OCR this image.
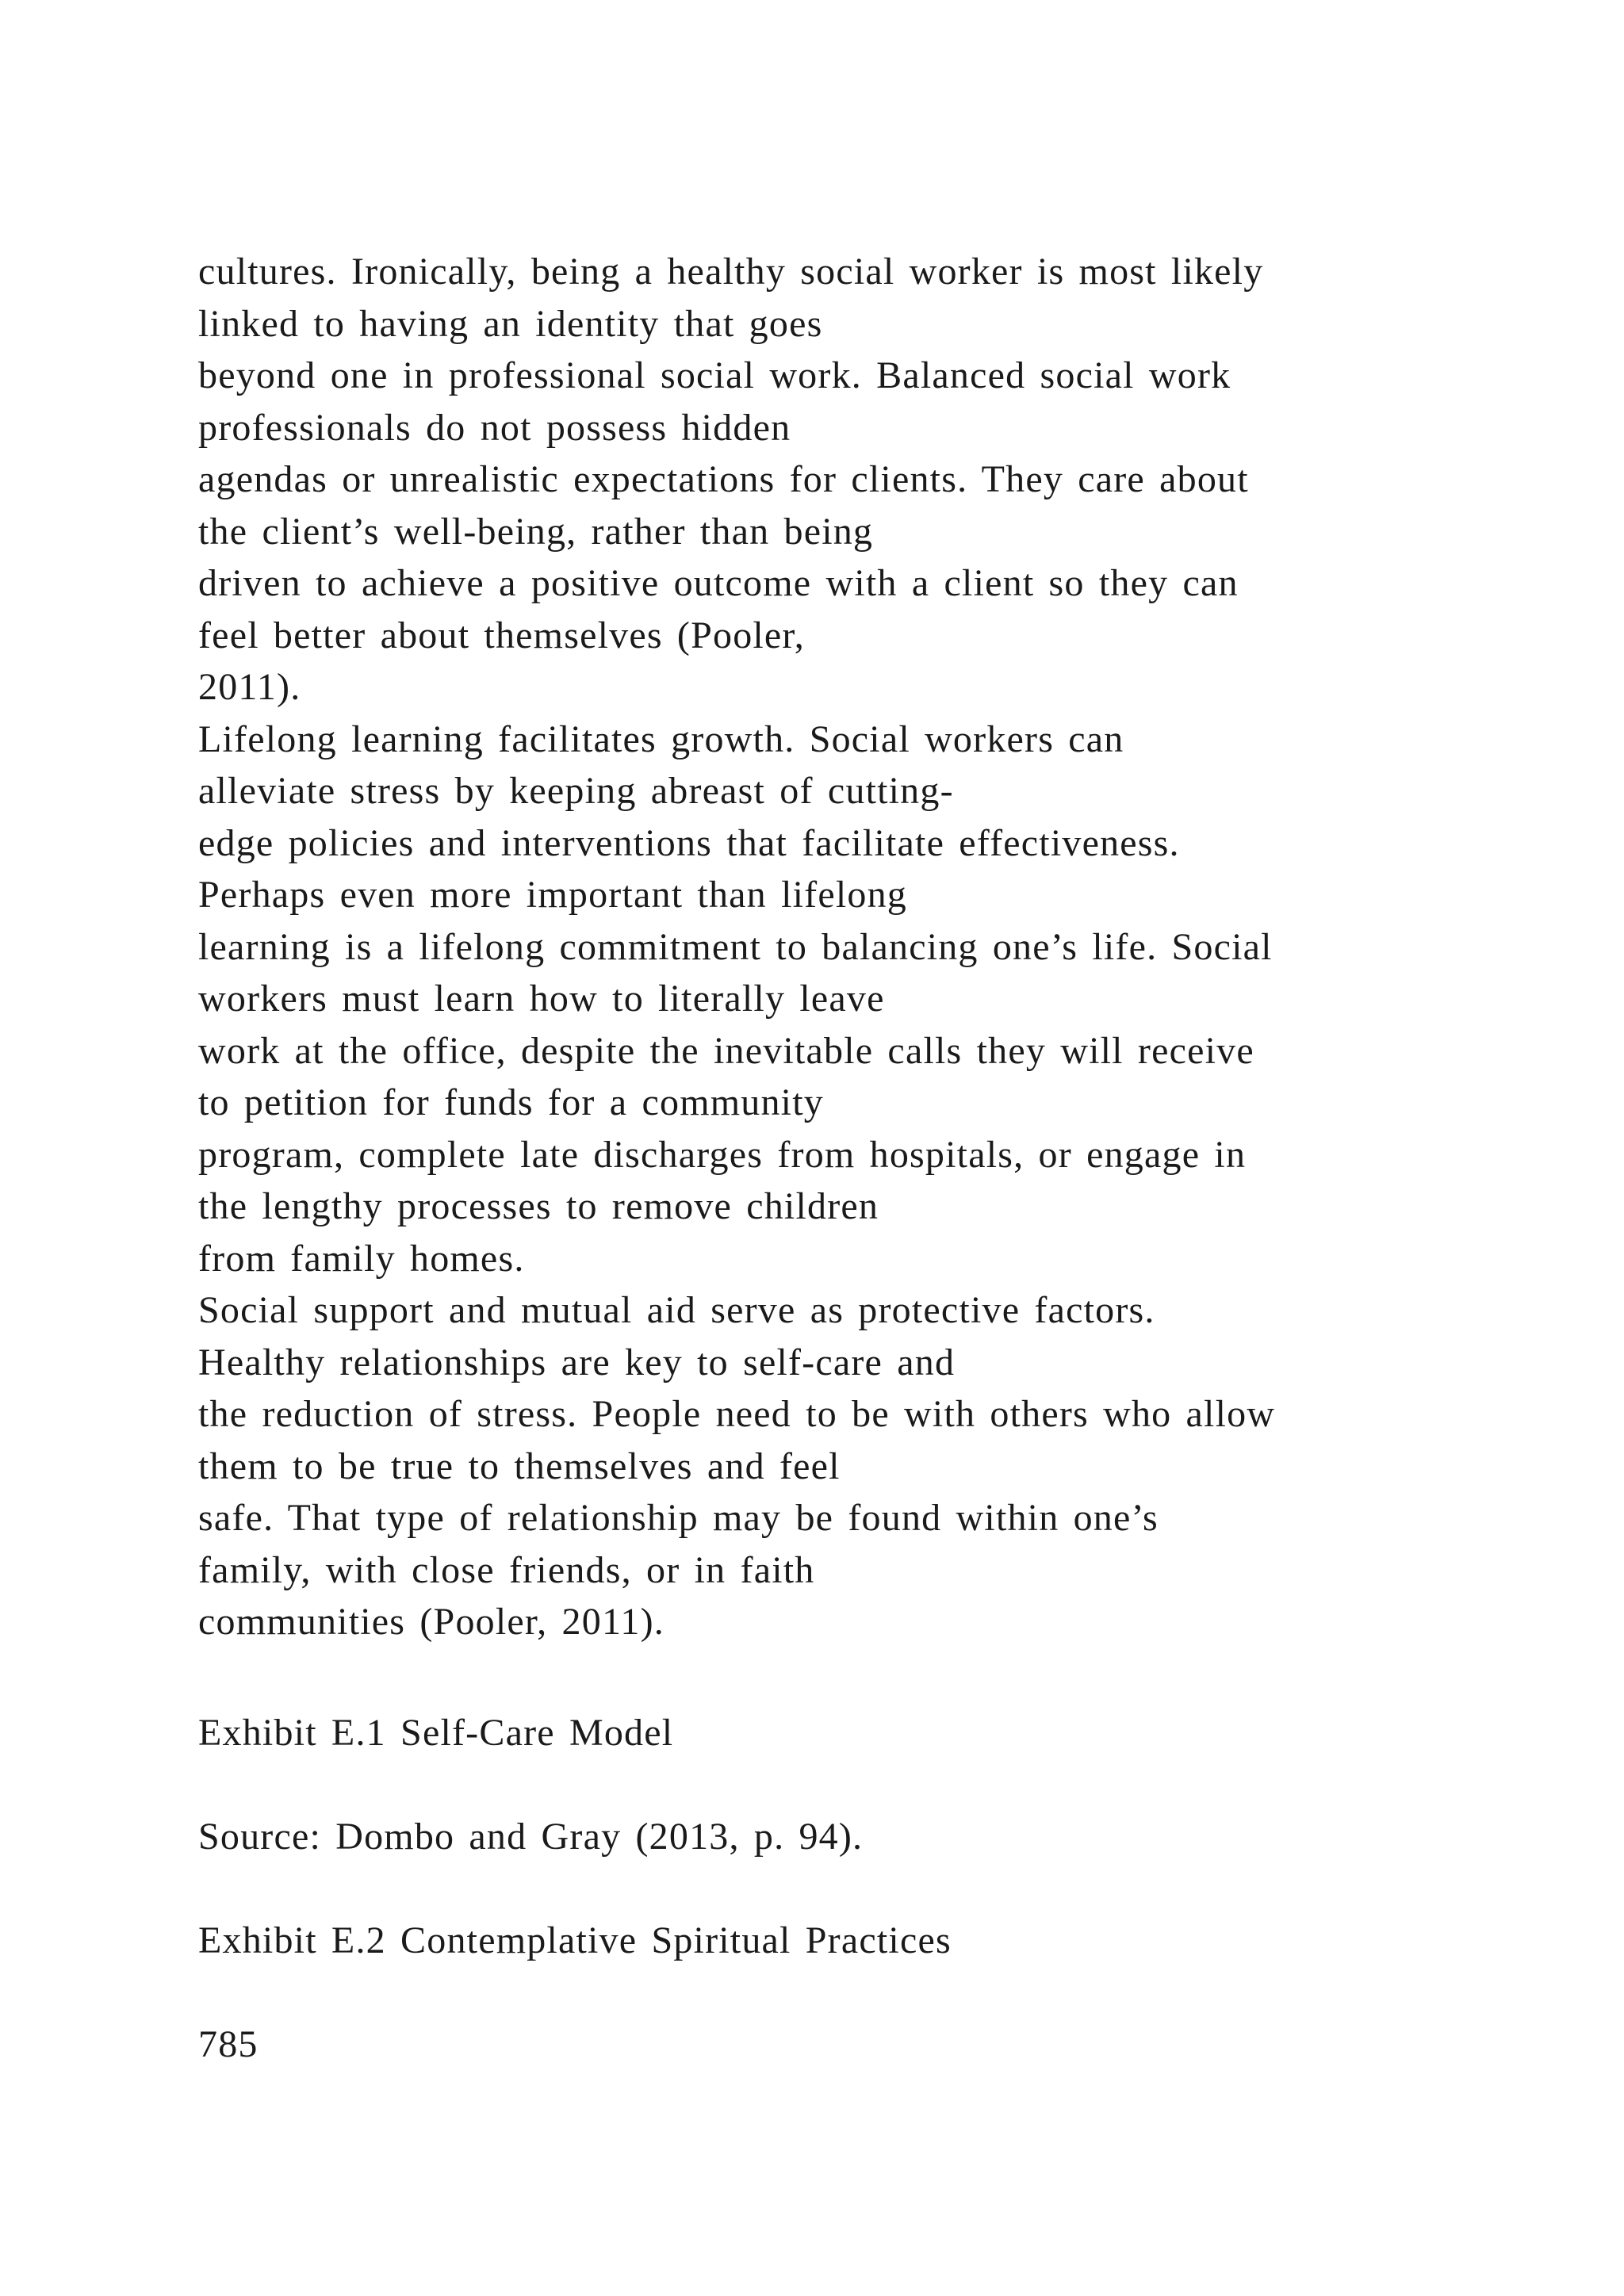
cultures. Ironically, being a healthy social worker is most likely
linked to having an identity that goes
beyond one in professional social work. Balanced social work
professionals do not possess hidden
agendas or unrealistic expectations for clients. They care about
the client’s well-being, rather than being
driven to achieve a positive outcome with a client so they can
feel better about themselves (Pooler,
2011).
Lifelong learning facilitates growth. Social workers can
alleviate stress by keeping abreast of cutting-
edge policies and interventions that facilitate effectiveness.
Perhaps even more important than lifelong
learning is a lifelong commitment to balancing one’s life. Social
workers must learn how to literally leave
work at the office, despite the inevitable calls they will receive
to petition for funds for a community
program, complete late discharges from hospitals, or engage in
the lengthy processes to remove children
from family homes.
Social support and mutual aid serve as protective factors.
Healthy relationships are key to self-care and
the reduction of stress. People need to be with others who allow
them to be true to themselves and feel
safe. That type of relationship may be found within one’s
family, with close friends, or in faith
communities (Pooler, 2011).
Exhibit E.1 Self-Care Model
Source: Dombo and Gray (2013, p. 94).
Exhibit E.2 Contemplative Spiritual Practices
785
